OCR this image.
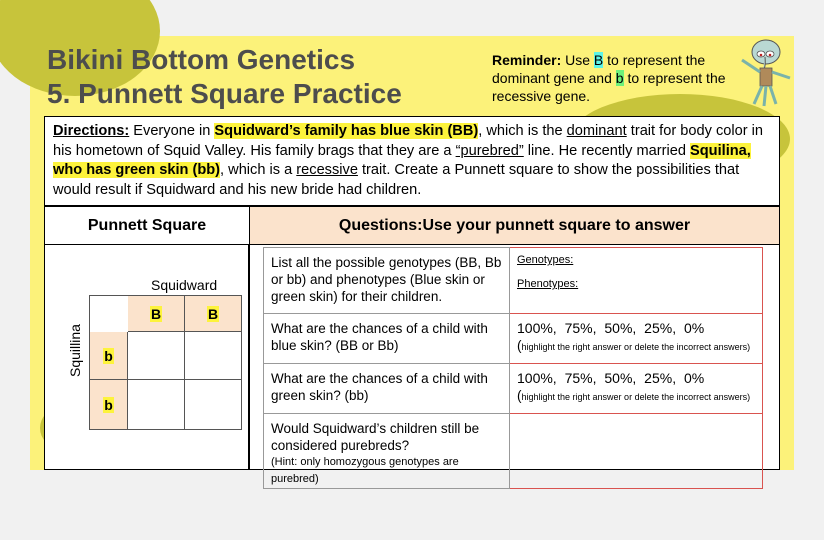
Bikini Bottom Genetics
5. Punnett Square Practice
Reminder: Use B to represent the dominant gene and b to represent the recessive gene.
Directions: Everyone in Squidward’s family has blue skin (BB), which is the dominant trait for body color in his hometown of Squid Valley. His family brags that they are a “purebred” line. He recently married Squilina, who has green skin (bb), which is a recessive trait. Create a Punnett square to show the possibilities that would result if Squidward and his new bride had children.
Punnett Square	Questions:Use your punnett square to answer
Squidward
Squillina
B	B
b
b
List all the possible genotypes (BB, Bb or bb) and phenotypes (Blue skin or green skin) for their children.	Genotypes:
Phenotypes:

What are the chances of a child with blue skin? (BB or Bb)	100%, 75%, 50%, 25%, 0%
(highlight the right answer or delete the incorrect answers)

What are the chances of a child with green skin? (bb)	100%, 75%, 50%, 25%, 0%
(highlight the right answer or delete the incorrect answers)

Would Squidward’s children still be considered purebreds?
(Hint: only homozygous genotypes are purebred)	
